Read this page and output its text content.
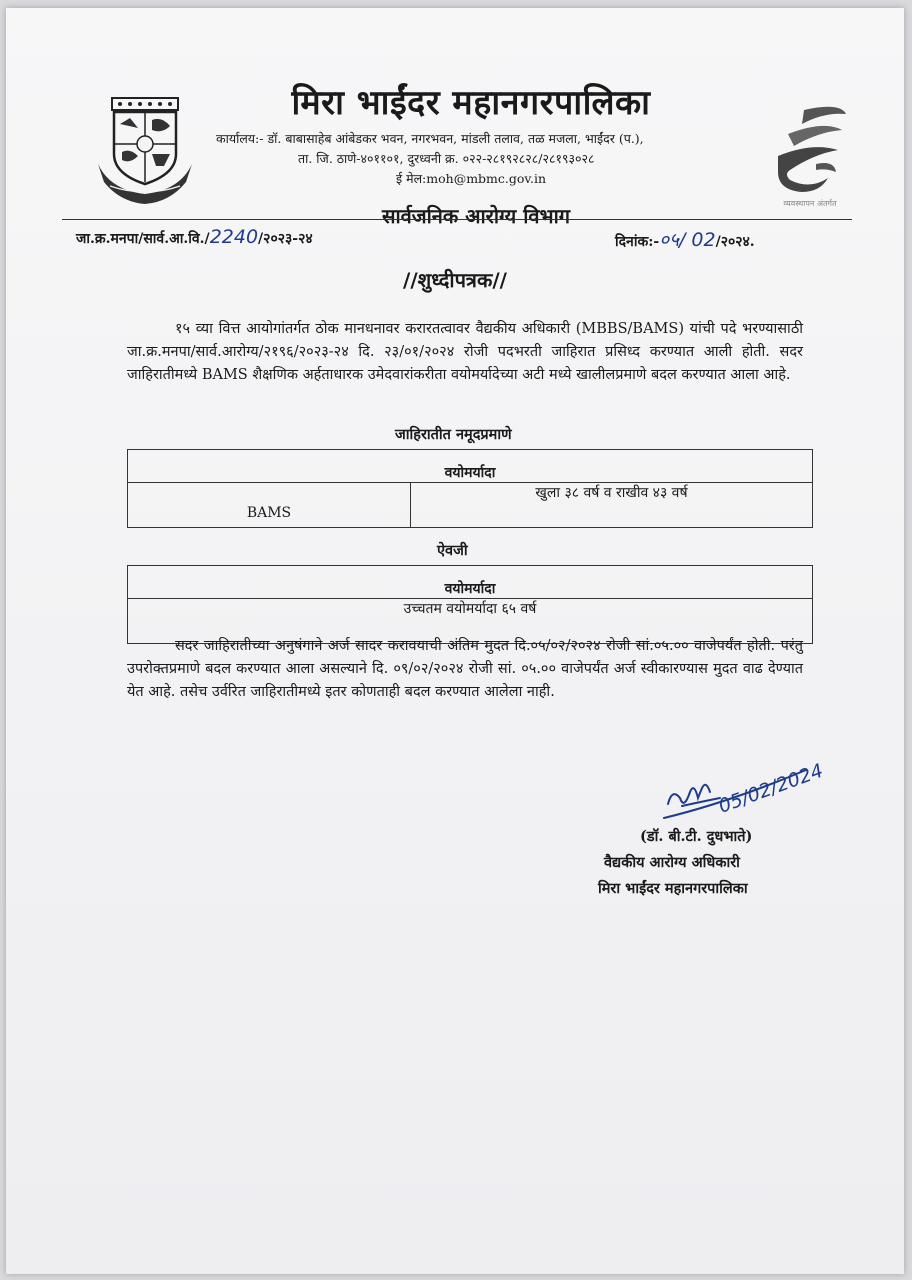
मिरा भाईंदर महानगरपालिका
कार्यालय:- डॉ. बाबासाहेब आंबेडकर भवन, नगरभवन, मांडली तलाव, तळ मजला, भाईंदर (प.),
ता. जि. ठाणे-४०११०१, दुरध्वनी क्र. ०२२-२८१९२८२८/२८१९३०२८
ई मेल:moh@mbmc.gov.in
व्यवस्थापन अंतर्गत
सार्वजनिक आरोग्य विभाग
जा.क्र.मनपा/सार्व.आ.वि./2240/२०२३-२४	दिनांक:-०५/ 02/२०२४.
//शुध्दीपत्रक//
१५ व्या वित्त आयोगांतर्गत ठोक मानधनावर करारतत्वावर वैद्यकीय अधिकारी (MBBS/BAMS) यांची पदे भरण्यासाठी जा.क्र.मनपा/सार्व.आरोग्य/२१९६/२०२३-२४ दि. २३/०१/२०२४ रोजी पदभरती जाहिरात प्रसिध्द करण्यात आली होती. सदर जाहिरातीमध्ये BAMS शैक्षणिक अर्हताधारक उमेदवारांकरीता वयोमर्यादेच्या अटी मध्ये खालीलप्रमाणे बदल करण्यात आला आहे.
जाहिरातीत नमूदप्रमाणे
वयोमर्यादा
BAMS	खुला ३८ वर्ष व राखीव ४३ वर्ष
ऐवजी
वयोमर्यादा
उच्चतम वयोमर्यादा ६५ वर्ष
सदर जाहिरातीच्या अनुषंगाने अर्ज सादर करावयाची अंतिम मुदत दि.०५/०२/२०२४ रोजी सां.०५.०० वाजेपर्यंत होती. परंतु उपरोक्तप्रमाणे बदल करण्यात आला असल्याने दि. ०९/०२/२०२४ रोजी सां. ०५.०० वाजेपर्यंत अर्ज स्वीकारण्यास मुदत वाढ देण्यात येत आहे. तसेच उर्वरित जाहिरातीमध्ये इतर कोणताही बदल करण्यात आलेला नाही.
05/02/2024
(डॉ. बी.टी. दुधभाते)
वैद्यकीय आरोग्य अधिकारी
मिरा भाईंदर महानगरपालिका
